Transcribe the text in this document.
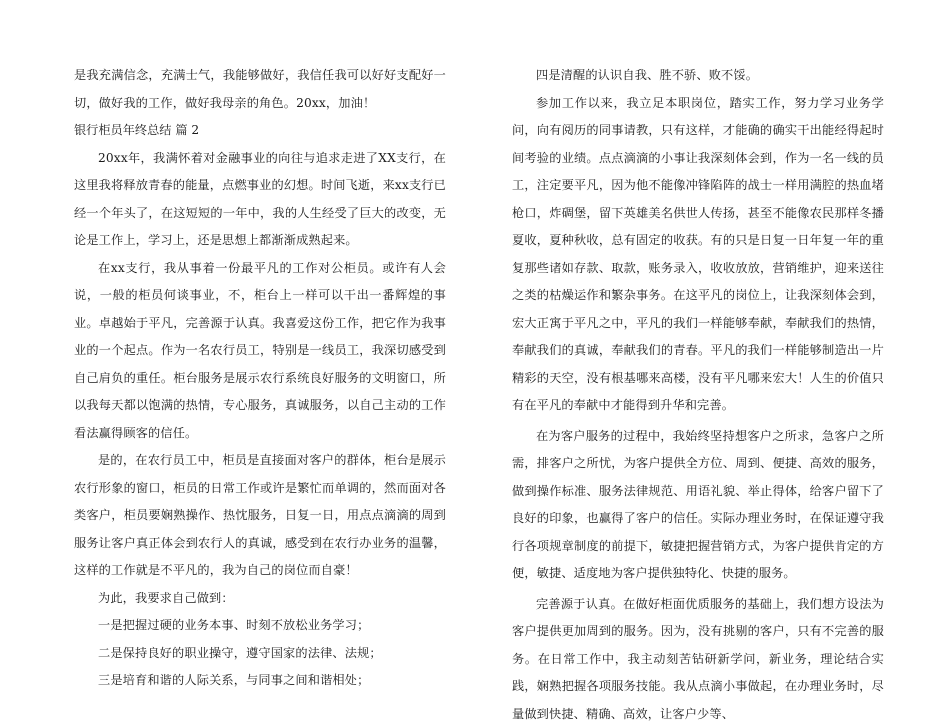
是我充满信念，充满士气，我能够做好，我信任我可以好好支配好一切，做好我的工作，做好我母亲的角色。20xx，加油！

银行柜员年终总结 篇 2

20xx年，我满怀着对金融事业的向往与追求走进了XX支行，在这里我将释放青春的能量，点燃事业的幻想。时间飞逝，来xx支行已经一个年头了，在这短短的一年中，我的人生经受了巨大的改变，无论是工作上，学习上，还是思想上都渐渐成熟起来。

在xx支行，我从事着一份最平凡的工作对公柜员。或许有人会说，一般的柜员何谈事业，不，柜台上一样可以干出一番辉煌的事业。卓越始于平凡，完善源于认真。我喜爱这份工作，把它作为我事业的一个起点。作为一名农行员工，特别是一线员工，我深切感受到自己肩负的重任。柜台服务是展示农行系统良好服务的文明窗口，所以我每天都以饱满的热情，专心服务，真诚服务，以自己主动的工作看法赢得顾客的信任。

是的，在农行员工中，柜员是直接面对客户的群体，柜台是展示农行形象的窗口，柜员的日常工作或许是繁忙而单调的，然而面对各类客户，柜员要娴熟操作、热忱服务，日复一日，用点点滴滴的周到服务让客户真正体会到农行人的真诚，感受到在农行办业务的温馨，这样的工作就是不平凡的，我为自己的岗位而自豪！

为此，我要求自己做到：

一是把握过硬的业务本事、时刻不放松业务学习；

二是保持良好的职业操守，遵守国家的法律、法规；

三是培育和谐的人际关系，与同事之间和谐相处；

四是清醒的认识自我、胜不骄、败不馁。

参加工作以来，我立足本职岗位，踏实工作，努力学习业务学问，向有阅历的同事请教，只有这样，才能确的确实干出能经得起时间考验的业绩。点点滴滴的小事让我深刻体会到，作为一名一线的员工，注定要平凡，因为他不能像冲锋陷阵的战士一样用满腔的热血堵枪口，炸碉堡，留下英雄美名供世人传扬，甚至不能像农民那样冬播夏收，夏种秋收，总有固定的收获。有的只是日复一日年复一年的重复那些诸如存款、取款，账务录入，收收放放，营销维护，迎来送往之类的枯燥运作和繁杂事务。在这平凡的岗位上，让我深刻体会到，宏大正寓于平凡之中，平凡的我们一样能够奉献，奉献我们的热情，奉献我们的真诚，奉献我们的青春。平凡的我们一样能够制造出一片精彩的天空，没有根基哪来高楼，没有平凡哪来宏大！人生的价值只有在平凡的奉献中才能得到升华和完善。

在为客户服务的过程中，我始终坚持想客户之所求，急客户之所需，排客户之所忧，为客户提供全方位、周到、便捷、高效的服务，做到操作标准、服务法律规范、用语礼貌、举止得体，给客户留下了良好的印象，也赢得了客户的信任。实际办理业务时，在保证遵守我行各项规章制度的前提下，敏捷把握营销方式，为客户提供肯定的方便，敏捷、适度地为客户提供独特化、快捷的服务。

完善源于认真。在做好柜面优质服务的基础上，我们想方设法为客户提供更加周到的服务。因为，没有挑剔的客户，只有不完善的服务。在日常工作中，我主动刻苦钻研新学问，新业务，理论结合实践，娴熟把握各项服务技能。我从点滴小事做起，在办理业务时，尽量做到快捷、精确、高效，让客户少等、
